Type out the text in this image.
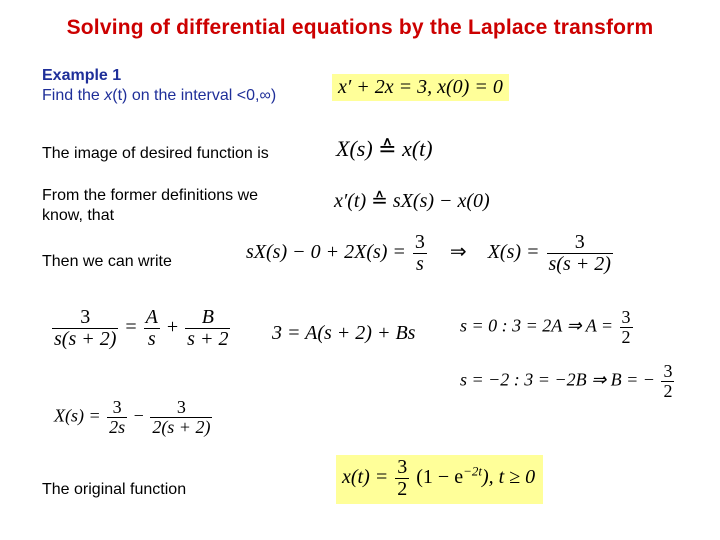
Solving of differential equations by the Laplace transform
Example 1
Find the x(t) on the interval <0,∞)	x′ + 2x = 3, x(0) = 0
The image of desired function is	X(s) ≙ x(t)
From the former definitions we know, that
x′(t) ≙ sX(s) − x(0)
Then we can write	$sX(s) - 0 + 2X(s) = \frac{3}{s}$ ⇒ $X(s) = \frac{3}{s(s + 2)}$
$\frac{3}{s(s + 2)} = \frac{A}{s} + \frac{B}{s + 2} 3 = A(s + 2) + Bs$ s = 0 : 3 = 2A ⇒ $A = \frac{3}{2}$
s = −2 : 3 = −2B ⇒ B = − $\frac{3}{2}$
$X(s) = \frac{3}{2s} - \frac{3}{2(s + 2)}$
The original function
$x(t) = \frac{3}{2} (1 - e^{-2t})$, t ≥ 0
